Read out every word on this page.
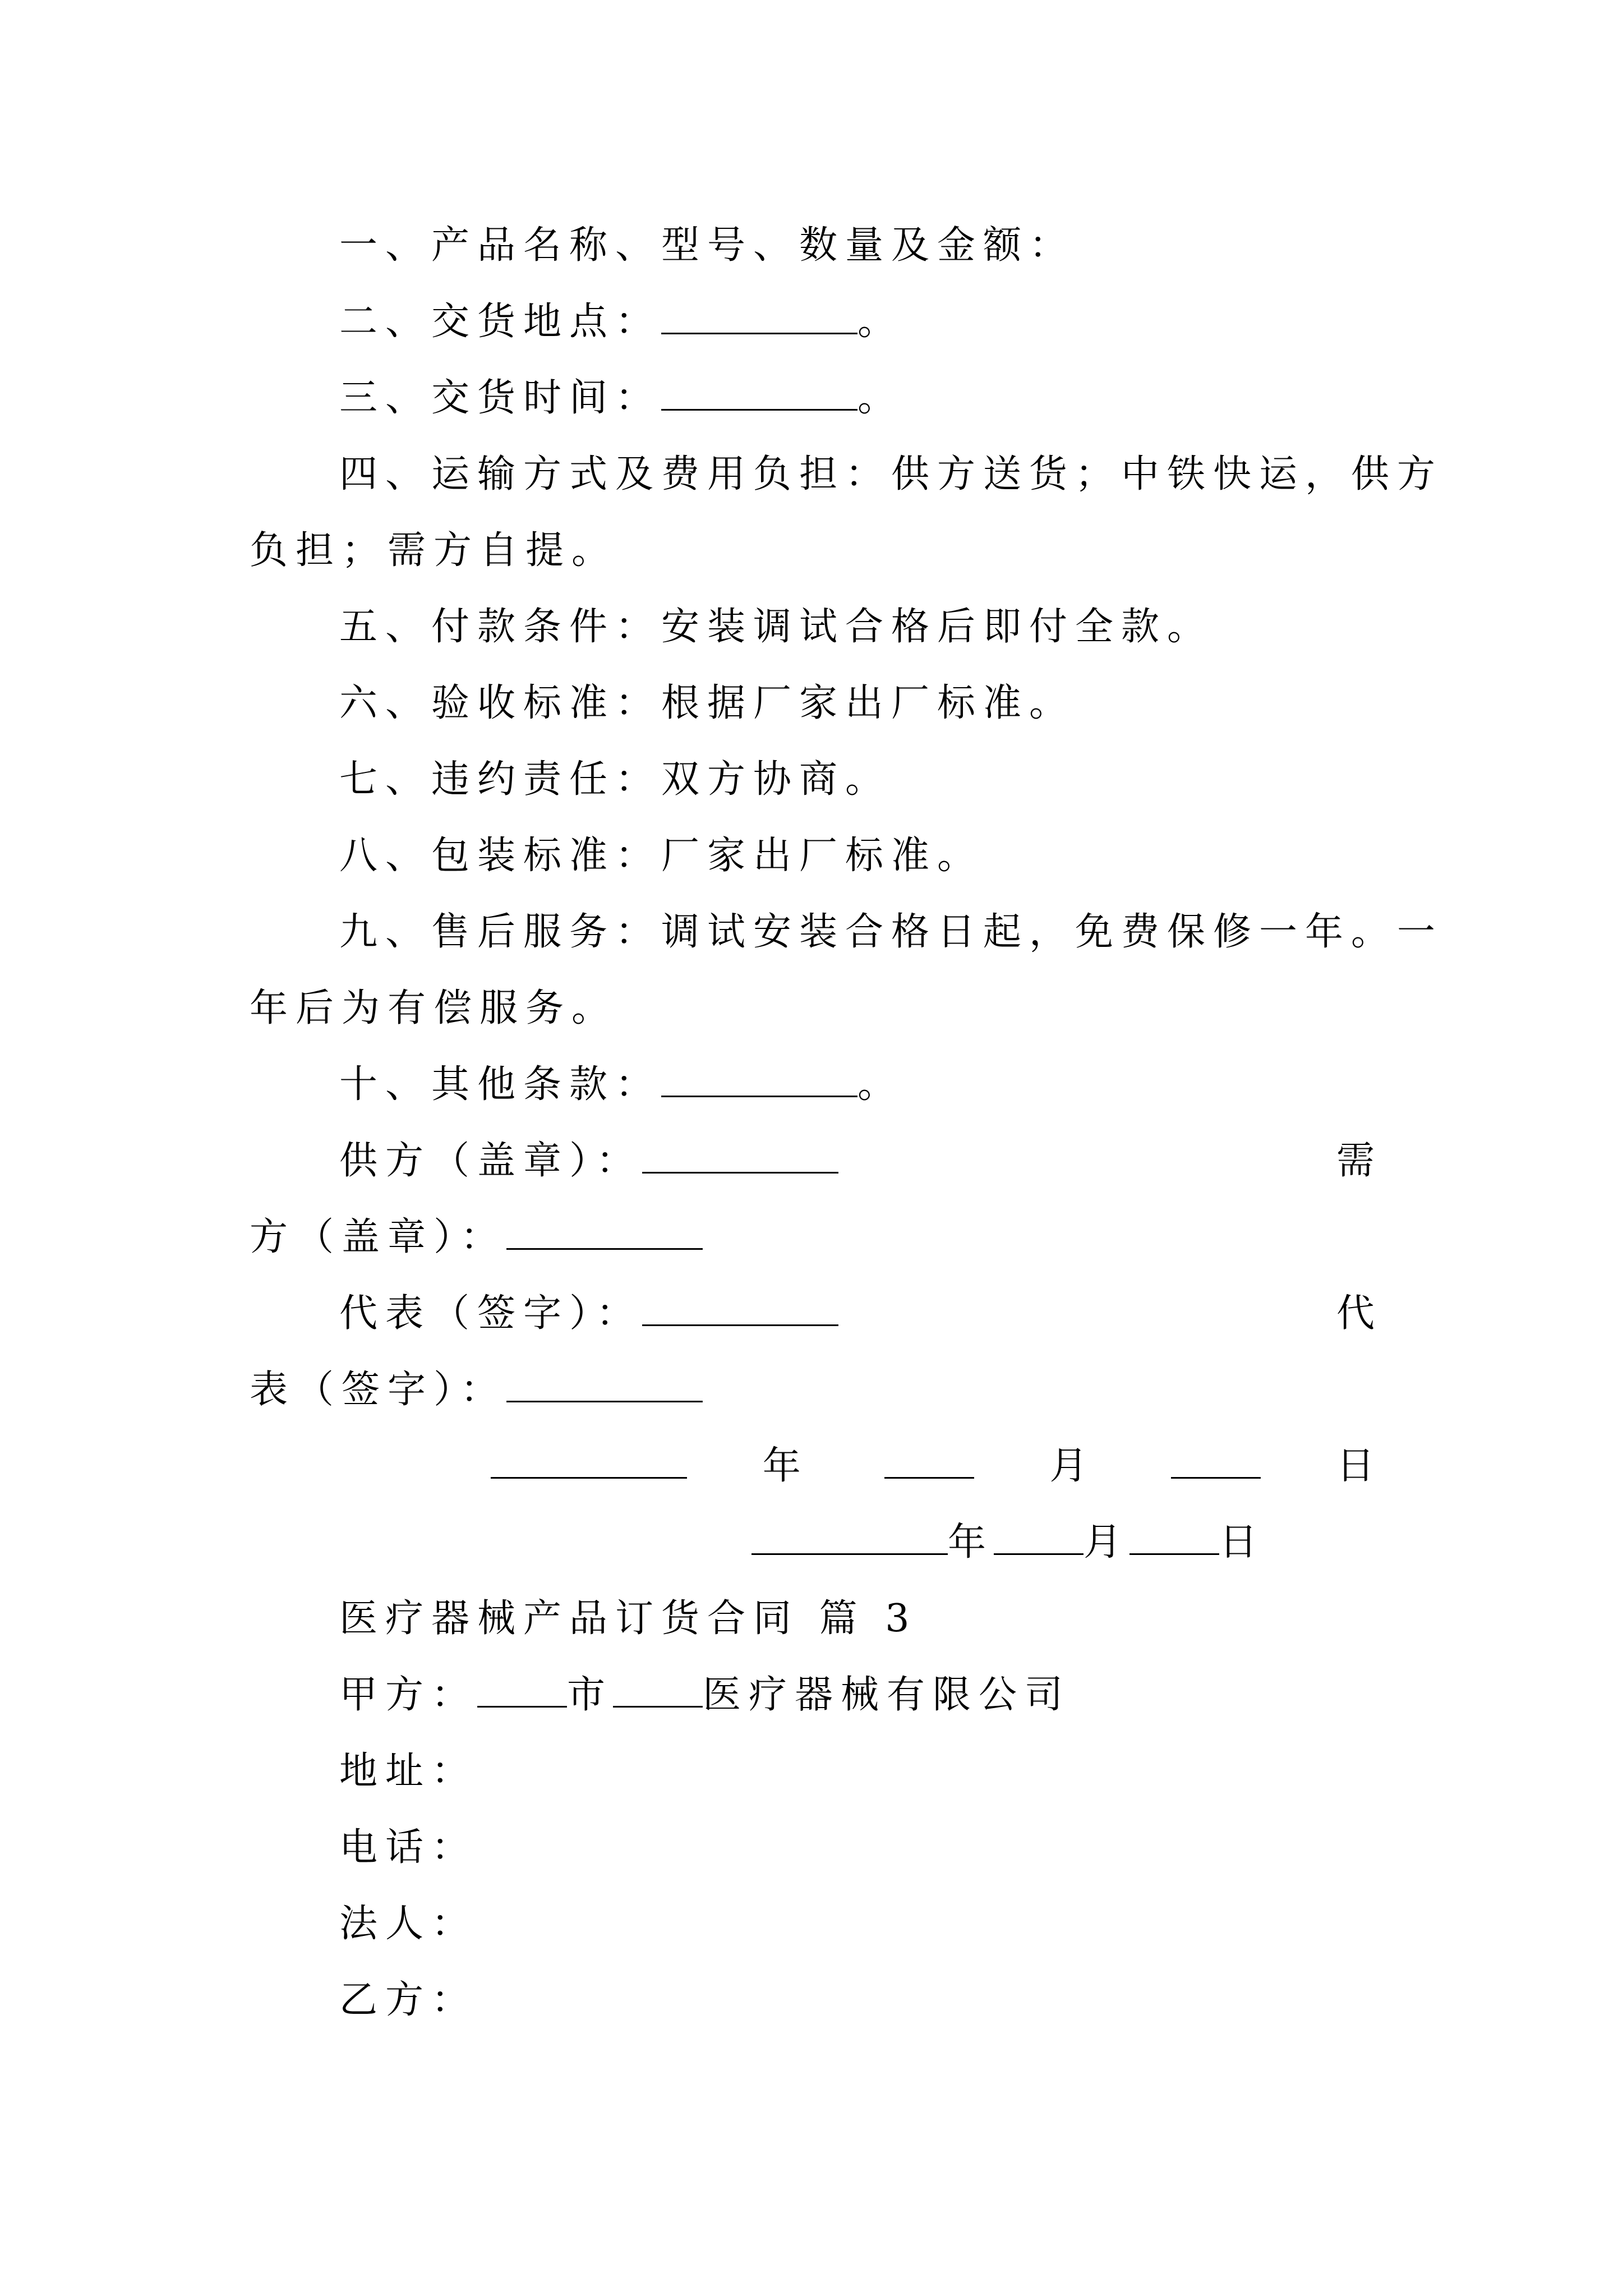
一、产品名称、型号、数量及金额：
二、交货地点：	。
三、交货时间：	。
四、运输方式及费用负担：供方送货；中铁快运，供方
负担；需方自提。
五、付款条件：安装调试合格后即付全款。
六、验收标准：根据厂家出厂标准。
七、违约责任：双方协商。
八、包装标准：厂家出厂标准。
九、售后服务：调试安装合格日起，免费保修一年。一
年后为有偿服务。
十、其他条款：	。
供方（盖章）：	需
方（盖章）：
代表（签字）：	代
表（签字）：
年	月	日
年 月 日
医疗器械产品订货合同 篇 3
甲方： 市 医疗器械有限公司
地址：
电话：
法人：
乙方：
